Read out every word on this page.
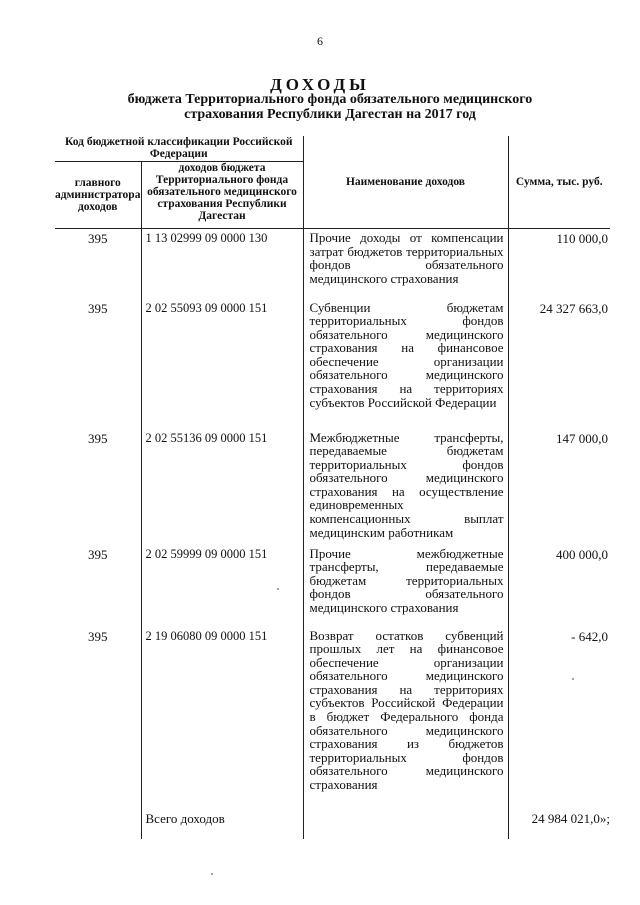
6
ДОХОДЫ
бюджета Территориального фонда обязательного медицинского
страхования Республики Дагестан на 2017 год
Код бюджетной классификации Российской Федерации		Наименование доходов	Сумма, тыс. руб.
главного администратора доходов	доходов бюджета Территориального фонда обязательного медицинского страхования Республики Дагестан		
395	1 13 02999 09 0000 130	Прочие доходы от компенсации затрат бюджетов территориальных фондов обязательного медицинского страхования	110 000,0
395	2 02 55093 09 0000 151	Субвенции бюджетам территориальных фондов обязательного медицинского страхования на финансовое обеспечение организации обязательного медицинского страхования на территориях субъектов Российской Федерации	24 327 663,0
395	2 02 55136 09 0000 151	Межбюджетные трансферты, передаваемые бюджетам территориальных фондов обязательного медицинского страхования на осуществление единовременных компенсационных выплат медицинским работникам	147 000,0
395	2 02 59999 09 0000 151	Прочие межбюджетные трансферты, передаваемые бюджетам территориальных фондов обязательного медицинского страхования	400 000,0
395	2 19 06080 09 0000 151	Возврат остатков субвенций прошлых лет на финансовое обеспечение организации обязательного медицинского страхования на территориях субъектов Российской Федерации в бюджет Федерального фонда обязательного медицинского страхования из бюджетов территориальных фондов обязательного медицинского страхования	- 642,0
	Всего доходов		24 984 021,0»;
